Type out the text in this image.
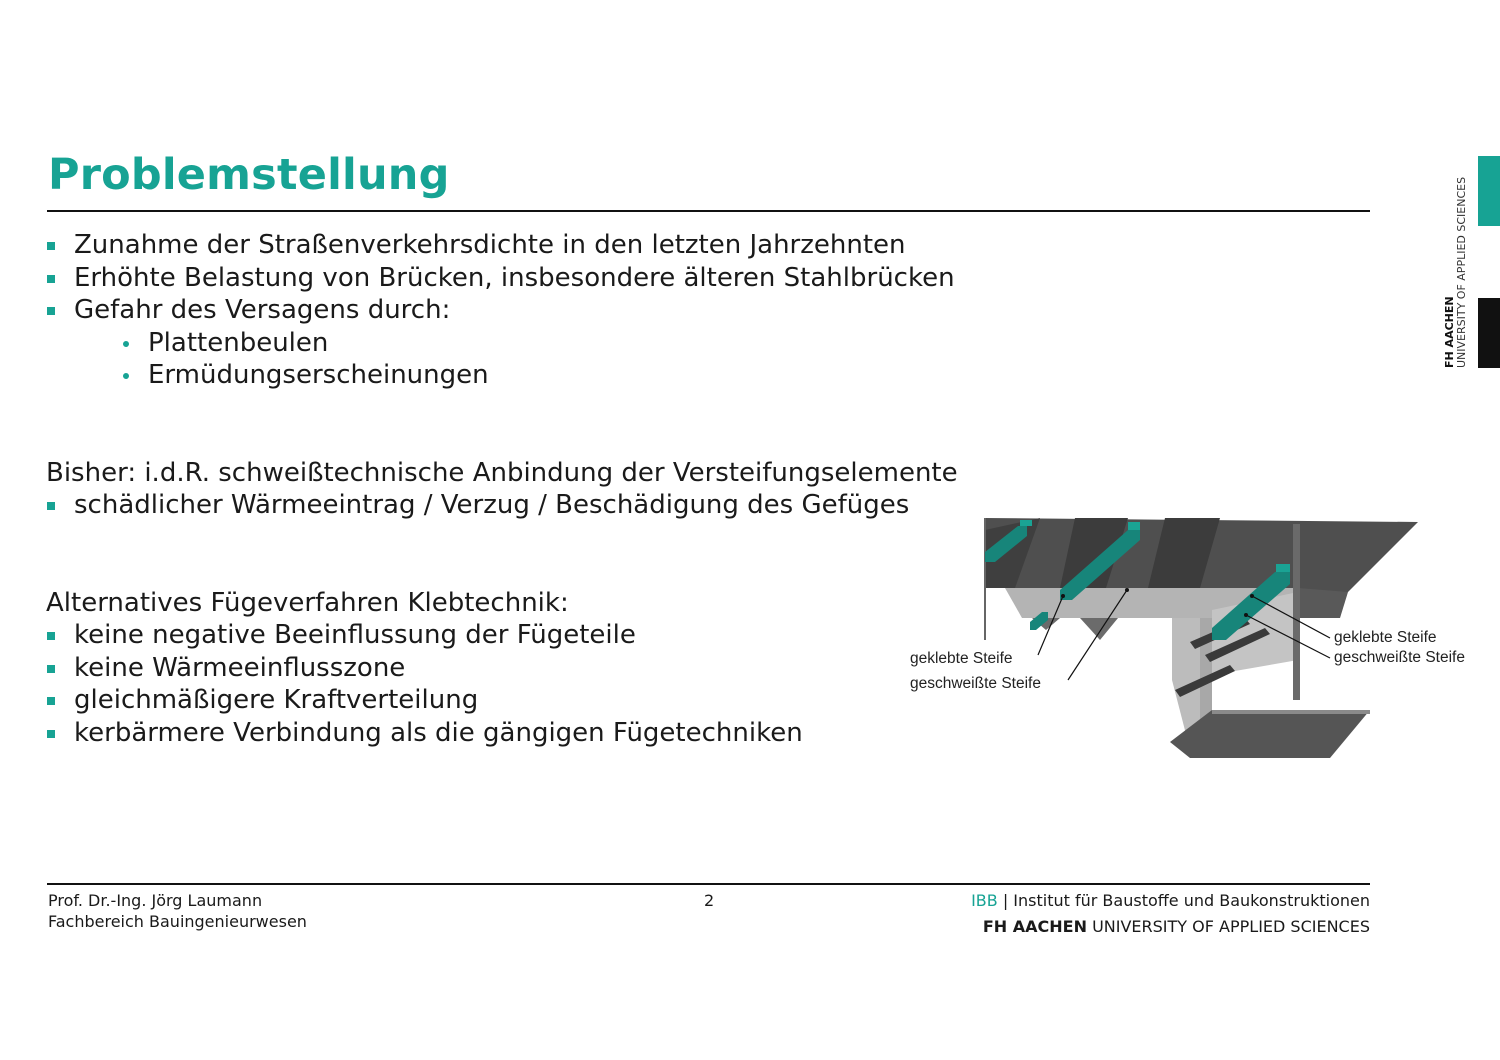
Problemstellung
Zunahme der Straßenverkehrsdichte in den letzten Jahrzehnten
Erhöhte Belastung von Brücken, insbesondere älteren Stahlbrücken
Gefahr des Versagens durch:
Plattenbeulen
Ermüdungserscheinungen

Bisher: i.d.R. schweißtechnische Anbindung der Versteifungselemente

schädlicher Wärmeeintrag / Verzug / Beschädigung des Gefüges

Alternatives Fügeverfahren Klebtechnik:

keine negative Beeinflussung der Fügeteile
keine Wärmeeinflusszone
gleichmäßigere Kraftverteilung
kerbärmere Verbindung als die gängigen Fügetechniken
FH AACHEN UNIVERSITY OF APPLIED SCIENCES
geklebte Steife
geschweißte Steife
geklebte Steife
geschweißte Steife
Prof. Dr.-Ing. Jörg Laumann
Fachbereich Bauingenieurwesen
2	IBB | Institut für Baustoffe und Baukonstruktionen
FH AACHEN UNIVERSITY OF APPLIED SCIENCES
